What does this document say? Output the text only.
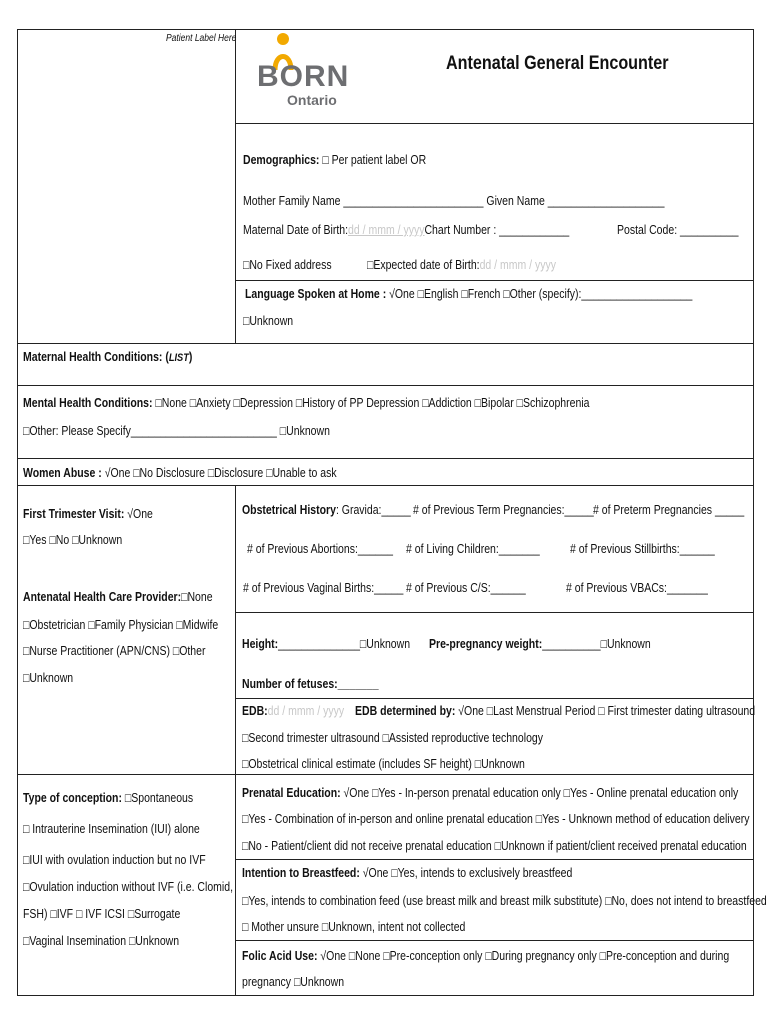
Patient Label Here
BORN
Ontario
Antenatal General Encounter
Demographics: □ Per patient label OR
Mother Family Name ________________________ Given Name ____________________
Maternal Date of Birth:dd / mmm / yyyyChart Number : ____________	Postal Code: __________
□No Fixed address	□Expected date of Birth:dd / mmm / yyyy
Language Spoken at Home : √One □English □French □Other (specify):___________________
□Unknown
Maternal Health Conditions: (LIST)
Mental Health Conditions: □None □Anxiety □Depression □History of PP Depression □Addiction □Bipolar □Schizophrenia
□Other: Please Specify_________________________ □Unknown
Women Abuse : √One □No Disclosure □Disclosure □Unable to ask
First Trimester Visit: √One
□Yes □No □Unknown
Antenatal Health Care Provider:□None
□Obstetrician □Family Physician □Midwife
□Nurse Practitioner (APN/CNS) □Other
□Unknown
Obstetrical History: Gravida:_____ # of Previous Term Pregnancies:_____ # of Preterm Pregnancies _____
# of Previous Abortions:______ # of Living Children:_______ # of Previous Stillbirths:______
# of Previous Vaginal Births:_____ # of Previous C/S:______	# of Previous VBACs:_______
Height:______________□Unknown Pre-pregnancy weight:__________□Unknown
Number of fetuses:_______
EDB:dd / mmm / yyyy EDB determined by: √One □Last Menstrual Period □ First trimester dating ultrasound
□Second trimester ultrasound □Assisted reproductive technology
□Obstetrical clinical estimate (includes SF height) □Unknown
Type of conception: □Spontaneous
□ Intrauterine Insemination (IUI) alone
□IUI with ovulation induction but no IVF
□Ovulation induction without IVF (i.e. Clomid,
FSH) □IVF □ IVF ICSI □Surrogate
□Vaginal Insemination □Unknown
Prenatal Education: √One □Yes - In-person prenatal education only □Yes - Online prenatal education only
□Yes - Combination of in-person and online prenatal education □Yes - Unknown method of education delivery
□No - Patient/client did not receive prenatal education □Unknown if patient/client received prenatal education
Intention to Breastfeed: √One □Yes, intends to exclusively breastfeed
□Yes, intends to combination feed (use breast milk and breast milk substitute) □No, does not intend to breastfeed
□ Mother unsure □Unknown, intent not collected
Folic Acid Use: √One □None □Pre-conception only □During pregnancy only □Pre-conception and during
pregnancy □Unknown
